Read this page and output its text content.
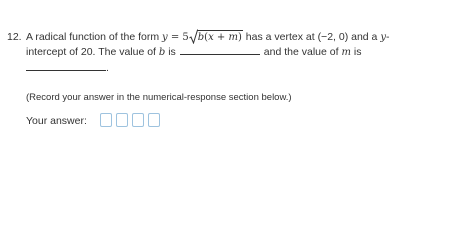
12. A radical function of the form y = 5 b(x + m) has a vertex at (−2, 0) and a y-
intercept of 20. The value of b is	and the value of m is
.
(Record your answer in the numerical-response section below.)
Your answer:
